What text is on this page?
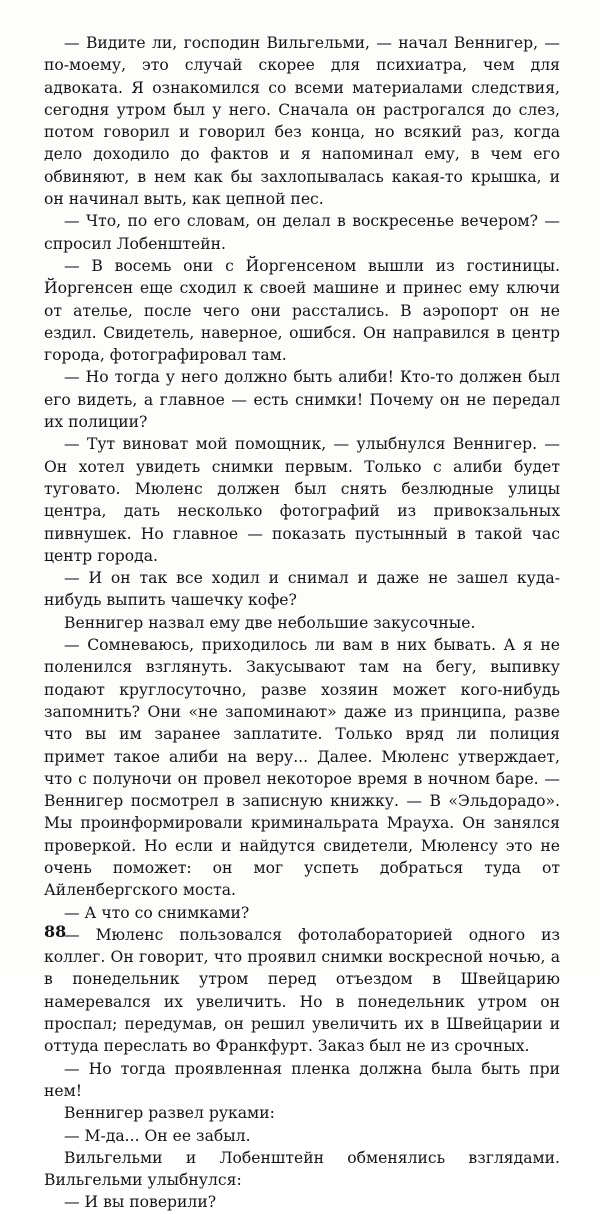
— Видите ли, господин Вильгельми, — начал Веннигер, — по-моему, это случай скорее для психиатра, чем для адвоката. Я ознакомился со всеми материалами следствия, сегодня утром был у него. Сначала он растрогался до слез, потом говорил и говорил без конца, но всякий раз, когда дело доходило до фактов и я напоминал ему, в чем его обвиняют, в нем как бы захлопывалась какая-то крышка, и он начинал выть, как цепной пес.

— Что, по его словам, он делал в воскресенье вечером? — спросил Лобенштейн.

— В восемь они с Йоргенсеном вышли из гостиницы. Йоргенсен еще сходил к своей машине и принес ему ключи от ателье, после чего они расстались. В аэропорт он не ездил. Свидетель, наверное, ошибся. Он направился в центр города, фотографировал там.

— Но тогда у него должно быть алиби! Кто-то должен был его видеть, а главное — есть снимки! Почему он не передал их полиции?

— Тут виноват мой помощник, — улыбнулся Веннигер. — Он хотел увидеть снимки первым. Только с алиби будет туговато. Мюленс должен был снять безлюдные улицы центра, дать несколько фотографий из привокзальных пивнушек. Но главное — показать пустынный в такой час центр города.

— И он так все ходил и снимал и даже не зашел куда-нибудь выпить чашечку кофе?

Веннигер назвал ему две небольшие закусочные.

— Сомневаюсь, приходилось ли вам в них бывать. А я не поленился взглянуть. Закусывают там на бегу, выпивку подают круглосуточно, разве хозяин может кого-нибудь запомнить? Они «не запоминают» даже из принципа, разве что вы им заранее заплатите. Только вряд ли полиция примет такое алиби на веру... Далее. Мюленс утверждает, что с полуночи он провел некоторое время в ночном баре. — Веннигер посмотрел в записную книжку. — В «Эльдорадо». Мы проинформировали криминальрата Мрауха. Он занялся проверкой. Но если и найдутся свидетели, Мюленсу это не очень поможет: он мог успеть добраться туда от Айленбергского моста.

— А что со снимками?

— Мюленс пользовался фотолабораторией одного из коллег. Он говорит, что проявил снимки воскресной ночью, а в понедельник утром перед отъездом в Швейцарию намеревался их увеличить. Но в понедельник утром он проспал; передумав, он решил увеличить их в Швейцарии и оттуда переслать во Франкфурт. Заказ был не из срочных.

— Но тогда проявленная пленка должна была быть при нем!

Веннигер развел руками:

— М-да... Он ее забыл.

Вильгельми и Лобенштейн обменялись взглядами. Вильгельми улыбнулся:

— И вы поверили?

88
